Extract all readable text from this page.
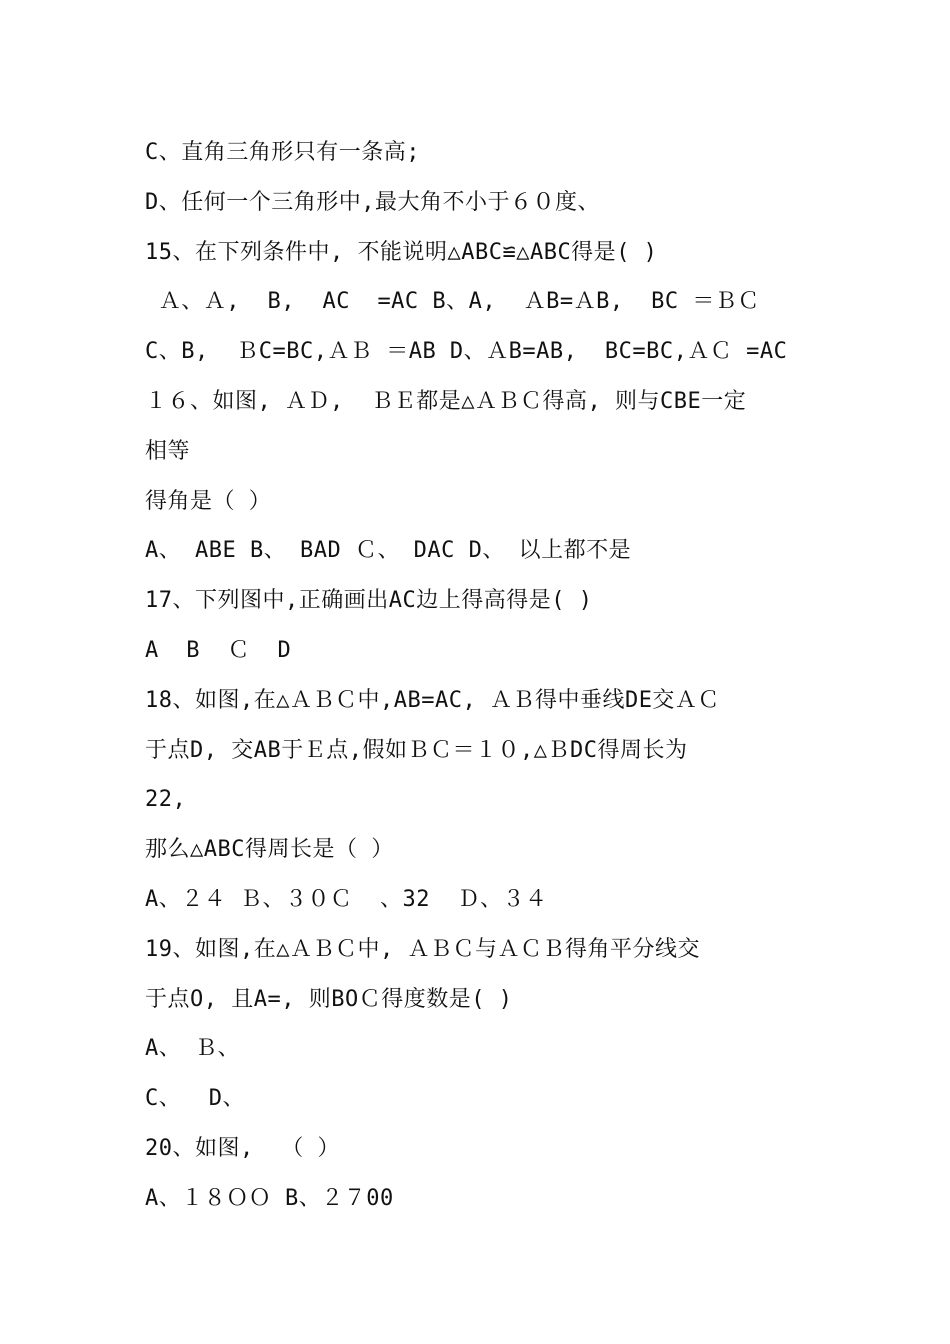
C、直角三角形只有一条高;
D、任何一个三角形中,最大角不小于６０度、
15、在下列条件中, 不能说明△ABC≌△ABC得是( )
Ａ、Ａ,  B,  AC  =AC B、A,  ＡB=ＡB,  BC ＝ＢＣ
C、B,  ＢC=BC,ＡＢ ＝AB D、ＡB=AB,  BC=BC,ＡＣ =AC
１６、如图, ＡＤ,  ＢＥ都是△ＡＢＣ得高, 则与CBE一定
相等
得角是（ ）
A、 ABE B、 BAD Ｃ、 DAC D、 以上都不是
17、下列图中,正确画出AC边上得高得是( )
A  B  Ｃ  D
18、如图,在△ＡＢＣ中,AB=AC, ＡＢ得中垂线DE交ＡＣ
于点D, 交AB于Ｅ点,假如ＢＣ＝１０,△ＢDC得周长为
22,
那么△ABC得周长是（ ）
A、２４ Ｂ、３０Ｃ  、32  Ｄ、３４
19、如图,在△ＡＢＣ中, ＡＢＣ与ＡＣＢ得角平分线交
于点O, 且A=, 则BOＣ得度数是( )
A、 Ｂ、
C、  D、
20、如图,  （ ）
A、１８ＯＯ B、２７00
